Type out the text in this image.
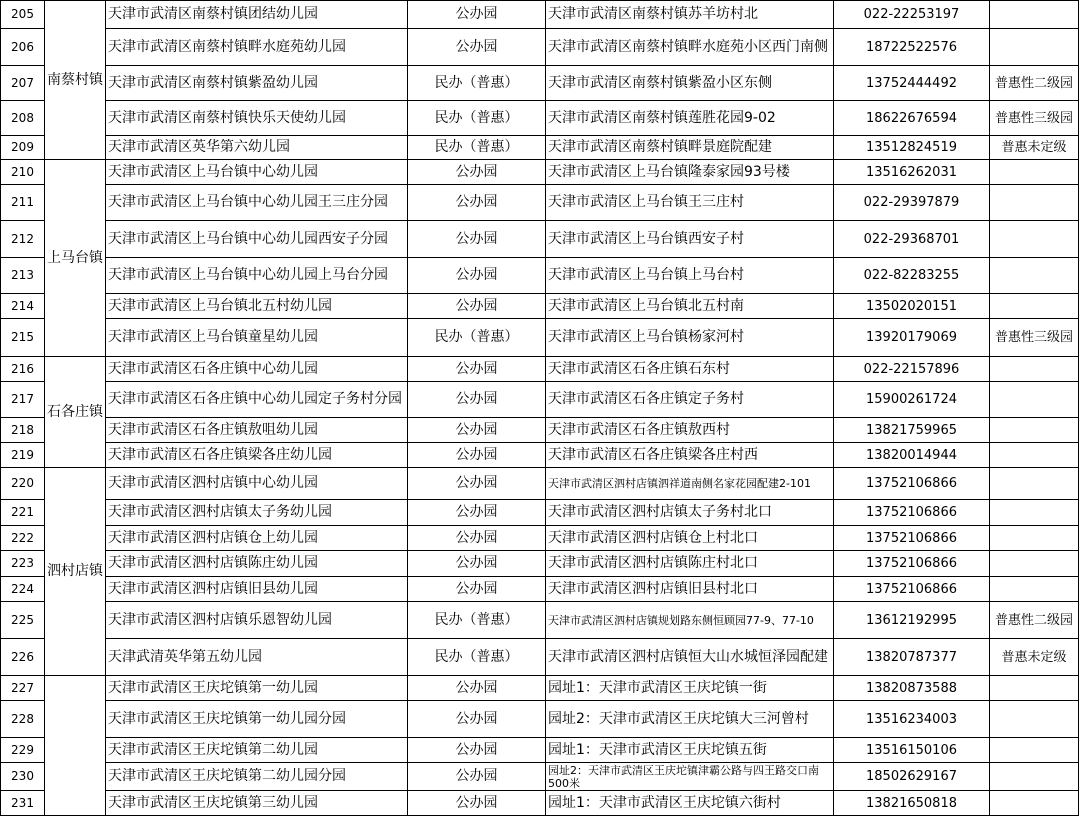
205	南蔡村镇	天津市武清区南蔡村镇团结幼儿园	公办园	天津市武清区南蔡村镇苏羊坊村北	022-22253197	
206		天津市武清区南蔡村镇畔水庭苑幼儿园	公办园	天津市武清区南蔡村镇畔水庭苑小区西门南侧	18722522576	
207		天津市武清区南蔡村镇紫盈幼儿园	民办（普惠）	天津市武清区南蔡村镇紫盈小区东侧	13752444492	普惠性二级园
208		天津市武清区南蔡村镇快乐天使幼儿园	民办（普惠）	天津市武清区南蔡村镇莲胜花园9-02	18622676594	普惠性三级园
209		天津市武清区英华第六幼儿园	民办（普惠）	天津市武清区南蔡村镇畔景庭院配建	13512824519	普惠未定级
210	上马台镇	天津市武清区上马台镇中心幼儿园	公办园	天津市武清区上马台镇隆泰家园93号楼	13516262031	
211		天津市武清区上马台镇中心幼儿园王三庄分园	公办园	天津市武清区上马台镇王三庄村	022-29397879	
212		天津市武清区上马台镇中心幼儿园西安子分园	公办园	天津市武清区上马台镇西安子村	022-29368701	
213		天津市武清区上马台镇中心幼儿园上马台分园	公办园	天津市武清区上马台镇上马台村	022-82283255	
214		天津市武清区上马台镇北五村幼儿园	公办园	天津市武清区上马台镇北五村南	13502020151	
215		天津市武清区上马台镇童星幼儿园	民办（普惠）	天津市武清区上马台镇杨家河村	13920179069	普惠性三级园
216	石各庄镇	天津市武清区石各庄镇中心幼儿园	公办园	天津市武清区石各庄镇石东村	022-22157896	
217		天津市武清区石各庄镇中心幼儿园定子务村分园	公办园	天津市武清区石各庄镇定子务村	15900261724	
218		天津市武清区石各庄镇敖咀幼儿园	公办园	天津市武清区石各庄镇敖西村	13821759965	
219		天津市武清区石各庄镇梁各庄幼儿园	公办园	天津市武清区石各庄镇梁各庄村西	13820014944	
220	泗村店镇	天津市武清区泗村店镇中心幼儿园	公办园	天津市武清区泗村店镇泗祥道南侧名家花园配建2-101	13752106866	
221		天津市武清区泗村店镇太子务幼儿园	公办园	天津市武清区泗村店镇太子务村北口	13752106866	
222		天津市武清区泗村店镇仓上幼儿园	公办园	天津市武清区泗村店镇仓上村北口	13752106866	
223		天津市武清区泗村店镇陈庄幼儿园	公办园	天津市武清区泗村店镇陈庄村北口	13752106866	
224		天津市武清区泗村店镇旧县幼儿园	公办园	天津市武清区泗村店镇旧县村北口	13752106866	
225		天津市武清区泗村店镇乐恩智幼儿园	民办（普惠）	天津市武清区泗村店镇规划路东侧恒顾园77-9、77-10	13612192995	普惠性二级园
226		天津武清英华第五幼儿园	民办（普惠）	天津市武清区泗村店镇恒大山水城恒泽园配建	13820787377	普惠未定级
227		天津市武清区王庆坨镇第一幼儿园	公办园	园址1：天津市武清区王庆坨镇一街	13820873588	
228		天津市武清区王庆坨镇第一幼儿园分园	公办园	园址2：天津市武清区王庆坨镇大三河曾村	13516234003	
229		天津市武清区王庆坨镇第二幼儿园	公办园	园址1：天津市武清区王庆坨镇五街	13516150106	
230		天津市武清区王庆坨镇第二幼儿园分园	公办园	园址2：天津市武清区王庆坨镇津霸公路与四王路交口南500米	18502629167	
231		天津市武清区王庆坨镇第三幼儿园	公办园	园址1：天津市武清区王庆坨镇六街村	13821650818	
